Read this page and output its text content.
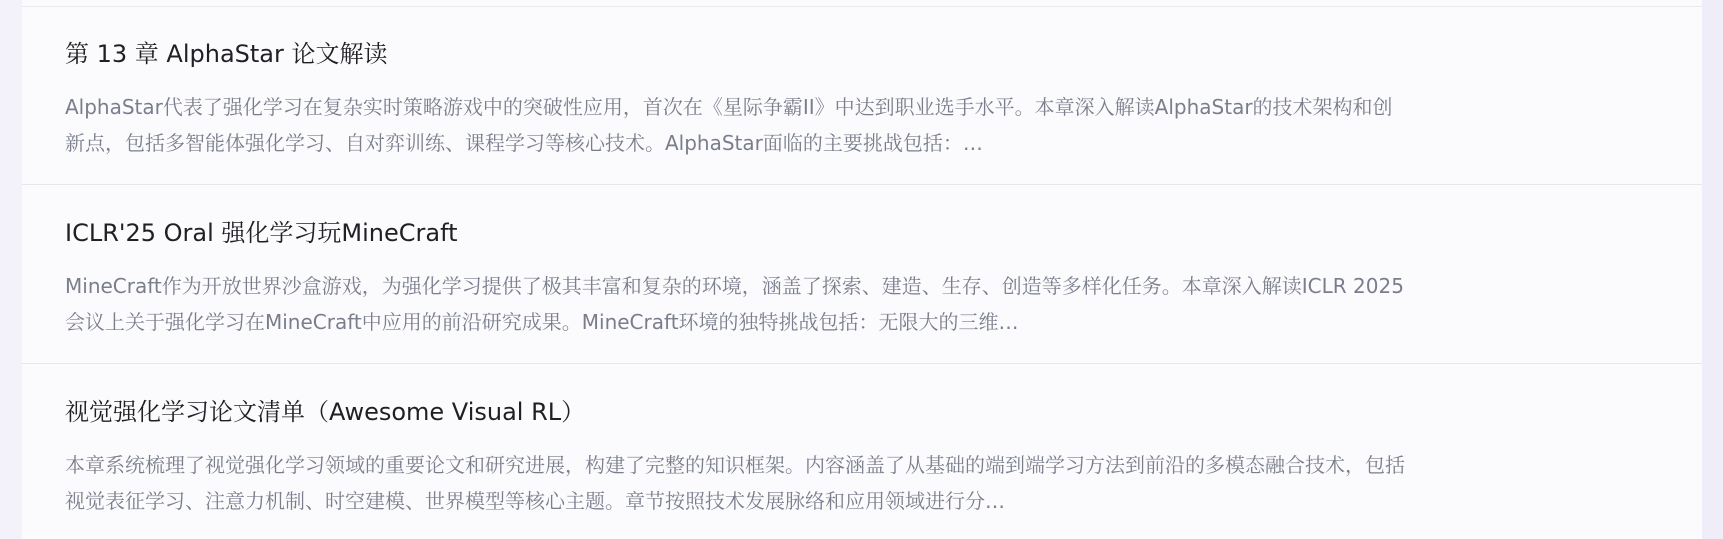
第 13 章 AlphaStar 论文解读

AlphaStar代表了强化学习在复杂实时策略游戏中的突破性应用，首次在《星际争霸II》中达到职业选手水平。本章深入解读AlphaStar的技术架构和创新点，包括多智能体强化学习、自对弈训练、课程学习等核心技术。AlphaStar面临的主要挑战包括：…

ICLR'25 Oral 强化学习玩MineCraft

MineCraft作为开放世界沙盒游戏，为强化学习提供了极其丰富和复杂的环境，涵盖了探索、建造、生存、创造等多样化任务。本章深入解读ICLR 2025会议上关于强化学习在MineCraft中应用的前沿研究成果。MineCraft环境的独特挑战包括：无限大的三维…

视觉强化学习论文清单（Awesome Visual RL）

本章系统梳理了视觉强化学习领域的重要论文和研究进展，构建了完整的知识框架。内容涵盖了从基础的端到端学习方法到前沿的多模态融合技术，包括视觉表征学习、注意力机制、时空建模、世界模型等核心主题。章节按照技术发展脉络和应用领域进行分…
